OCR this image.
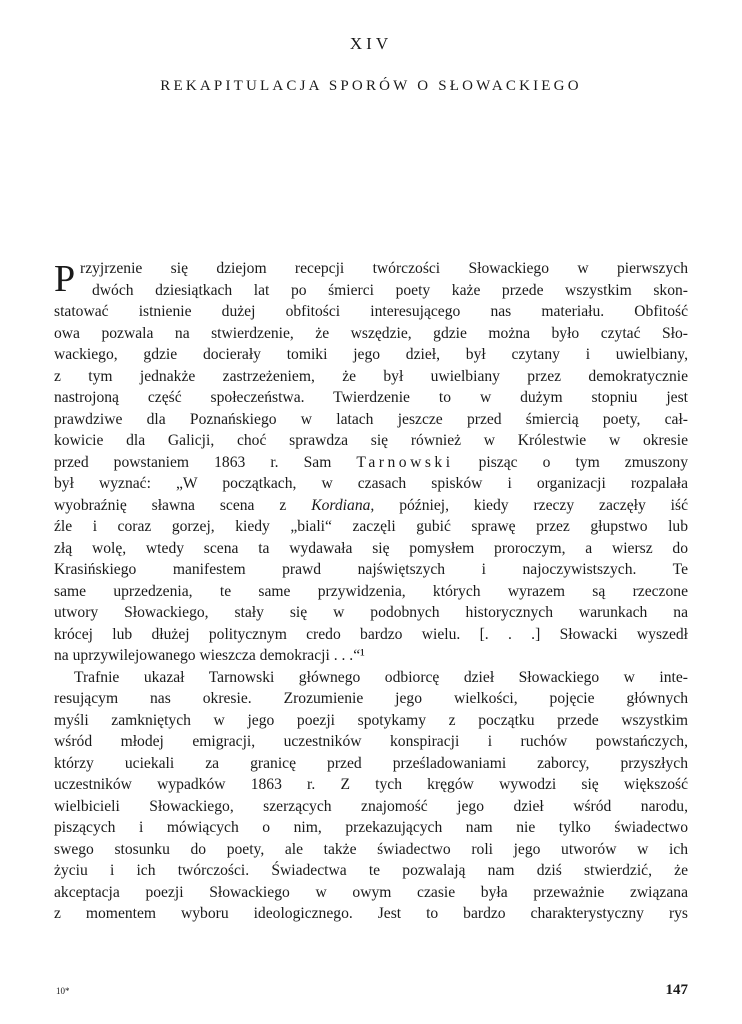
XIV
REKAPITULACJA SPORÓW O SŁOWACKIEGO
P rzyjrzenie się dziejom recepcji twórczości Słowackiego w pierwszych
dwóch dziesiątkach lat po śmierci poety każe przede wszystkim skon-
statować istnienie dużej obfitości interesującego nas materiału. Obfitość
owa pozwala na stwierdzenie, że wszędzie, gdzie można było czytać Sło-
wackiego, gdzie docierały tomiki jego dzieł, był czytany i uwielbiany,
z tym jednakże zastrzeżeniem, że był uwielbiany przez demokratycznie
nastrojoną część społeczeństwa. Twierdzenie to w dużym stopniu jest
prawdziwe dla Poznańskiego w latach jeszcze przed śmiercią poety, cał-
kowicie dla Galicji, choć sprawdza się również w Królestwie w okresie
przed powstaniem 1863 r. Sam Tarnowski pisząc o tym zmuszony
był wyznać: „W początkach, w czasach spisków i organizacji rozpalała
wyobraźnię sławna scena z Kordiana, później, kiedy rzeczy zaczęły iść
źle i coraz gorzej, kiedy „biali“ zaczęli gubić sprawę przez głupstwo lub
złą wolę, wtedy scena ta wydawała się pomysłem proroczym, a wiersz do
Krasińskiego manifestem prawd najświętszych i najoczywistszych. Te
same uprzedzenia, te same przywidzenia, których wyrazem są rzeczone
utwory Słowackiego, stały się w podobnych historycznych warunkach na
krócej lub dłużej politycznym credo bardzo wielu. [. . .] Słowacki wyszedł
na uprzywilejowanego wieszcza demokracji . . .“¹
Trafnie ukazał Tarnowski głównego odbiorcę dzieł Słowackiego w inte-
resującym nas okresie. Zrozumienie jego wielkości, pojęcie głównych
myśli zamkniętych w jego poezji spotykamy z początku przede wszystkim
wśród młodej emigracji, uczestników konspiracji i ruchów powstańczych,
którzy uciekali za granicę przed prześladowaniami zaborcy, przyszłych
uczestników wypadków 1863 r. Z tych kręgów wywodzi się większość
wielbicieli Słowackiego, szerzących znajomość jego dzieł wśród narodu,
piszących i mówiących o nim, przekazujących nam nie tylko świadectwo
swego stosunku do poety, ale także świadectwo roli jego utworów w ich
życiu i ich twórczości. Świadectwa te pozwalają nam dziś stwierdzić, że
akceptacja poezji Słowackiego w owym czasie była przeważnie związana
z momentem wyboru ideologicznego. Jest to bardzo charakterystyczny rys
10*	147
